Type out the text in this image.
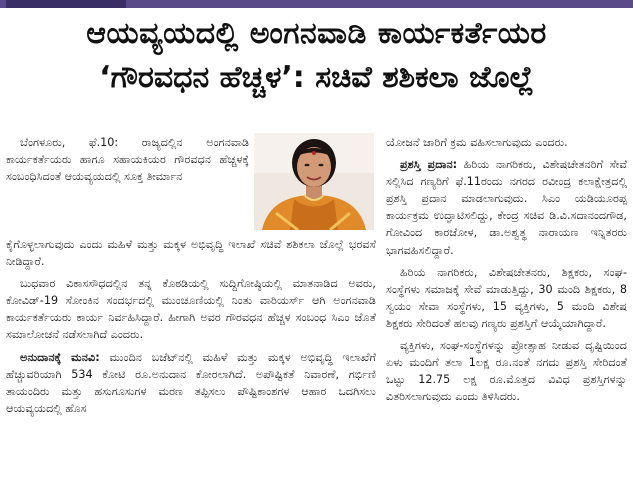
ಆಯವ್ಯಯದಲ್ಲಿ ಅಂಗನವಾಡಿ ಕಾರ್ಯಕರ್ತೆಯರ
‘ಗೌರವಧನ ಹೆಚ್ಚಳ’: ಸಚಿವೆ ಶಶಿಕಲಾ ಜೊಲ್ಲೆ

ಬೆಂಗಳೂರು, ಫೆ.10: ರಾಜ್ಯದಲ್ಲಿನ ಅಂಗನವಾಡಿ ಕಾರ್ಯಕರ್ತೆಯರು ಹಾಗೂ ಸಹಾಯಕಿಯರ ಗೌರವಧನ ಹೆಚ್ಚಳಕ್ಕೆ ಸಂಬಂಧಿಸಿದಂತೆ ಆಯವ್ಯಯದಲ್ಲಿ ಸೂಕ್ತ ತೀರ್ಮಾನ

ಕೈಗೊಳ್ಳಲಾಗುವುದು ಎಂದು ಮಹಿಳೆ ಮತ್ತು ಮಕ್ಕಳ ಅಭಿವೃದ್ಧಿ ಇಲಾಖೆ ಸಚಿವೆ ಶಶಿಕಲಾ ಜೊಲ್ಲೆ ಭರವಸೆ ನೀಡಿದ್ದಾರೆ.

ಬುಧವಾರ ವಿಕಾಸಸೌಧದಲ್ಲಿನ ತನ್ನ ಕೊಠಡಿಯಲ್ಲಿ ಸುದ್ದಿಗೋಷ್ಠಿಯಲ್ಲಿ ಮಾತನಾಡಿದ ಅವರು, ಕೋವಿಡ್-19 ಸೋಂಕಿನ ಸಂದರ್ಭದಲ್ಲಿ ಮುಂಚೂಣಿಯಲ್ಲಿ ನಿಂತು ವಾರಿಯರ್ಸ್ ಆಗಿ ಅಂಗನವಾಡಿ ಕಾರ್ಯಕರ್ತೆಯರು ಕಾರ್ಯ ನಿರ್ವಹಿಸಿದ್ದಾರೆ. ಹೀಗಾಗಿ ಅವರ ಗೌರವಧನ ಹೆಚ್ಚಳ ಸಂಬಂಧ ಸಿಎಂ ಜೊತೆ ಸಮಾಲೋಚನೆ ನಡೆಸಲಾಗಿದೆ ಎಂದರು.

ಅನುದಾನಕ್ಕೆ ಮನವಿ: ಮುಂದಿನ ಬಜೆಟ್‌ನಲ್ಲಿ ಮಹಿಳೆ ಮತ್ತು ಮಕ್ಕಳ ಅಭಿವೃದ್ಧಿ ಇಲಾಖೆಗೆ ಹೆಚ್ಚುವರಿಯಾಗಿ 534 ಕೋಟಿ ರೂ.ಅನುದಾನ ಕೋರಲಾಗಿದೆ. ಅಪೌಷ್ಟಿಕತೆ ನಿವಾರಣೆ, ಗರ್ಭಿಣಿ ತಾಯಂದಿರು ಮತ್ತು ಹಸುಗೂಸುಗಳ ಮರಣ ತಪ್ಪಿಸಲು ಪೌಷ್ಟಿಕಾಂಶಗಳ ಆಹಾರ ಒದಗಿಸಲು ಆಯವ್ಯಯದಲ್ಲಿ ಹೊಸ

ಯೋಜನೆ ಜಾರಿಗೆ ಕ್ರಮ ವಹಿಸಲಾಗುವುದು ಎಂದರು.

ಪ್ರಶಸ್ತಿ ಪ್ರದಾನ: ಹಿರಿಯ ನಾಗರಿಕರು, ವಿಶೇಷಚೇತನರಿಗೆ ಸೇವೆ ಸಲ್ಲಿಸಿದ ಗಣ್ಯರಿಗೆ ಫೆ.11ರಂದು ನಗರದ ರವೀಂದ್ರ ಕಲಾಕ್ಷೇತ್ರದಲ್ಲಿ ಪ್ರಶಸ್ತಿ ಪ್ರದಾನ ಮಾಡಲಾಗುವುದು. ಸಿಎಂ ಯಡಿಯೂರಪ್ಪ ಕಾರ್ಯಕ್ರಮ ಉದ್ಘಾಟಿಸಲಿದ್ದು, ಕೇಂದ್ರ ಸಚಿವ ಡಿ.ವಿ.ಸದಾನಂದಗೌಡ, ಗೋವಿಂದ ಕಾರಜೋಳ, ಡಾ.ಅಶ್ವತ್ಥ ನಾರಾಯಣ ಇನ್ನಿತರರು ಭಾಗವಹಿಸಲಿದ್ದಾರೆ.

ಹಿರಿಯ ನಾಗರಿಕರು, ವಿಶೇಷಚೇತನರು, ಶಿಕ್ಷಕರು, ಸಂಘ-ಸಂಸ್ಥೆಗಳು ಸಮಾಜಕ್ಕೆ ಸೇವೆ ಮಾಡುತ್ತಿದ್ದು, 30 ಮಂದಿ ಶಿಕ್ಷಕರು, 8 ಸ್ವಯಂ ಸೇವಾ ಸಂಸ್ಥೆಗಳು, 15 ವ್ಯಕ್ತಿಗಳು, 5 ಮಂದಿ ವಿಶೇಷ ಶಿಕ್ಷಕರು ಸೇರಿದಂತೆ ಹಲವು ಗಣ್ಯರು ಪ್ರಶಸ್ತಿಗೆ ಆಯ್ಕೆಯಾಗಿದ್ದಾರೆ.

ವ್ಯಕ್ತಿಗಳು, ಸಂಘ-ಸಂಸ್ಥೆಗಳನ್ನು ಪ್ರೋತ್ಸಾಹ ನೀಡುವ ದೃಷ್ಟಿಯಿಂದ ಏಳು ಮಂದಿಗೆ ತಲಾ 1ಲಕ್ಷ ರೂ.ನಂತೆ ನಗದು ಪ್ರಶಸ್ತಿ ಸೇರಿದಂತೆ ಒಟ್ಟು 12.75 ಲಕ್ಷ ರೂ.ಮೊತ್ತದ ವಿವಿಧ ಪ್ರಶಸ್ತಿಗಳನ್ನು ವಿತರಿಸಲಾಗುವುದು ಎಂದು ತಿಳಿಸಿದರು.
